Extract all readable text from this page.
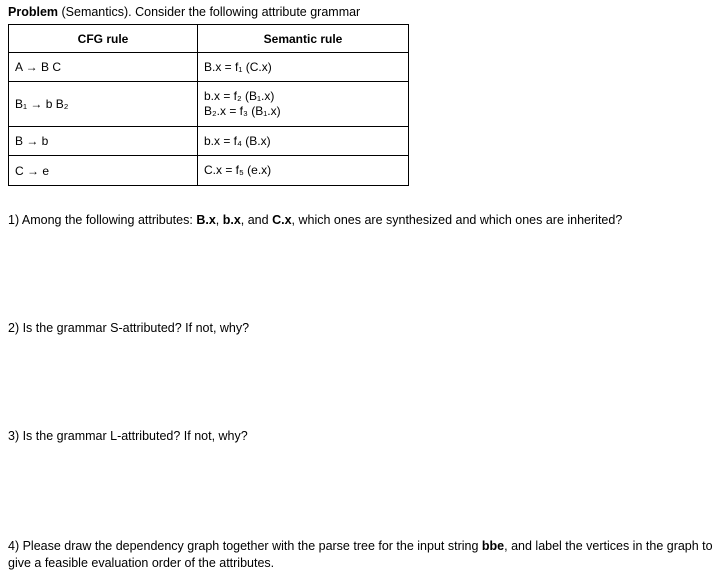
Problem (Semantics). Consider the following attribute grammar
CFG rule	Semantic rule
A → B C	B.x = f₁ (C.x)

B₁ → b B₂	b.x = f₂ (B₁.x)
B₂.x = f₃ (B₁.x)

B → b	b.x = f₄ (B.x)

C → e	C.x = f₅ (e.x)
1) Among the following attributes: B.x, b.x, and C.x, which ones are synthesized and which ones are inherited?
2) Is the grammar S-attributed? If not, why?
3) Is the grammar L-attributed? If not, why?
4) Please draw the dependency graph together with the parse tree for the input string bbe, and label the vertices in the graph to give a feasible evaluation order of the attributes.
